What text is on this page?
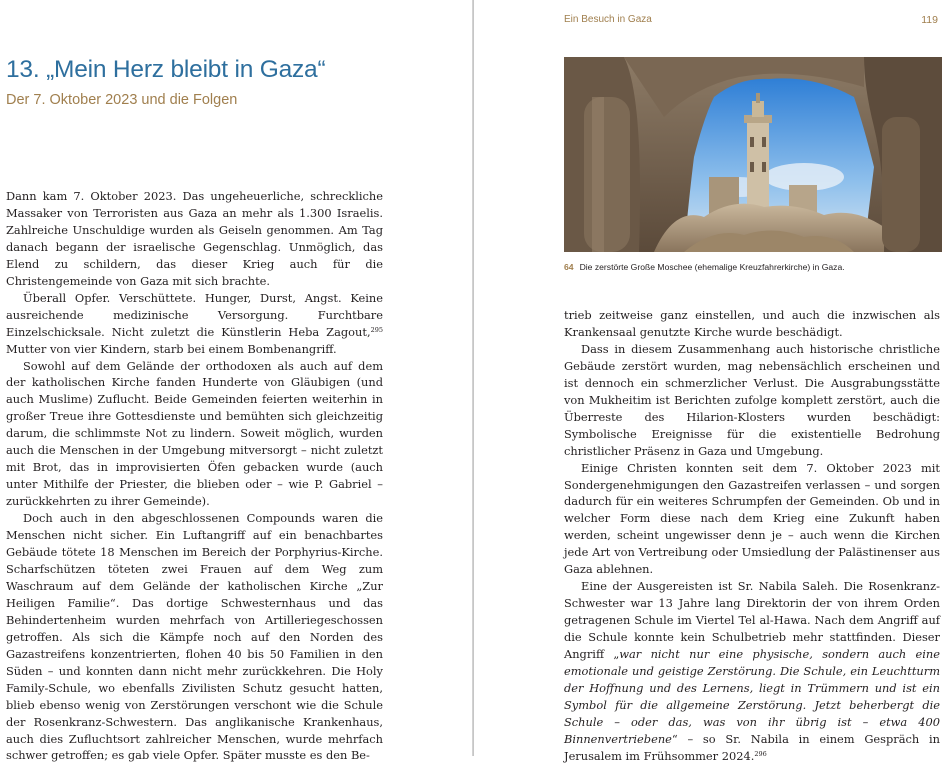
13. „Mein Herz bleibt in Gaza“
Der 7. Oktober 2023 und die Folgen

Dann kam 7. Oktober 2023. Das ungeheuerliche, schreckliche Massaker von Terroristen aus Gaza an mehr als 1.300 Israelis. Zahlreiche Unschuldige wurden als Geiseln genommen. Am Tag danach begann der israelische Gegenschlag. Unmöglich, das Elend zu schildern, das dieser Krieg auch für die Christengemeinde von Gaza mit sich brachte.

Überall Opfer. Verschüttete. Hunger, Durst, Angst. Keine ausreichende medizinische Versorgung. Furchtbare Einzelschicksale. Nicht zuletzt die Künstlerin Heba Zagout,$^{295}$ Mutter von vier Kindern, starb bei einem Bombenangriff.

Sowohl auf dem Gelände der orthodoxen als auch auf dem der katholischen Kirche fanden Hunderte von Gläubigen (und auch Muslime) Zuflucht. Beide Gemeinden feierten weiterhin in großer Treue ihre Gottesdienste und bemühten sich gleichzeitig darum, die schlimmste Not zu lindern. Soweit möglich, wurden auch die Menschen in der Umgebung mitversorgt – nicht zuletzt mit Brot, das in improvisierten Öfen gebacken wurde (auch unter Mithilfe der Priester, die blieben oder – wie P. Gabriel – zurückkehrten zu ihrer Gemeinde).

Doch auch in den abgeschlossenen Compounds waren die Menschen nicht sicher. Ein Luftangriff auf ein benachbartes Gebäude tötete 18 Menschen im Bereich der Porphyrius-Kirche. Scharfschützen töteten zwei Frauen auf dem Weg zum Waschraum auf dem Gelände der katholischen Kirche „Zur Heiligen Familie“. Das dortige Schwesternhaus und das Behindertenheim wurden mehrfach von Artilleriegeschossen getroffen. Als sich die Kämpfe noch auf den Norden des Gazastreifens konzentrierten, flohen 40 bis 50 Familien in den Süden – und konnten dann nicht mehr zurückkehren. Die Holy Family-Schule, wo ebenfalls Zivilisten Schutz gesucht hatten, blieb ebenso wenig von Zerstörungen verschont wie die Schule der Rosenkranz-Schwestern. Das anglikanische Krankenhaus, auch dies Zufluchtsort zahlreicher Menschen, wurde mehrfach schwer getroffen; es gab viele Opfer. Später musste es den Be-

Ein Besuch in Gaza	119
64 Die zerstörte Große Moschee (ehemalige Kreuzfahrerkirche) in Gaza.

trieb zeitweise ganz einstellen, und auch die inzwischen als Krankensaal genutzte Kirche wurde beschädigt.

Dass in diesem Zusammenhang auch historische christliche Gebäude zerstört wurden, mag nebensächlich erscheinen und ist dennoch ein schmerzlicher Verlust. Die Ausgrabungsstätte von Mukheitim ist Berichten zufolge komplett zerstört, auch die Überreste des Hilarion-Klosters wurden beschädigt: Symbolische Ereignisse für die existentielle Bedrohung christlicher Präsenz in Gaza und Umgebung.

Einige Christen konnten seit dem 7. Oktober 2023 mit Sondergenehmigungen den Gazastreifen verlassen – und sorgen dadurch für ein weiteres Schrumpfen der Gemeinden. Ob und in welcher Form diese nach dem Krieg eine Zukunft haben werden, scheint ungewisser denn je – auch wenn die Kirchen jede Art von Vertreibung oder Umsiedlung der Palästinenser aus Gaza ablehnen.

Eine der Ausgereisten ist Sr. Nabila Saleh. Die Rosenkranz-Schwester war 13 Jahre lang Direktorin der von ihrem Orden getragenen Schule im Viertel Tel al-Hawa. Nach dem Angriff auf die Schule konnte kein Schulbetrieb mehr stattfinden. Dieser Angriff „war nicht nur eine physische, sondern auch eine emotionale und geistige Zerstörung. Die Schule, ein Leuchtturm der Hoffnung und des Lernens, liegt in Trümmern und ist ein Symbol für die allgemeine Zerstörung. Jetzt beherbergt die Schule – oder das, was von ihr übrig ist – etwa 400 Binnenvertriebene“ – so Sr. Nabila in einem Gespräch in Jerusalem im Frühsommer 2024.$^{296}$
